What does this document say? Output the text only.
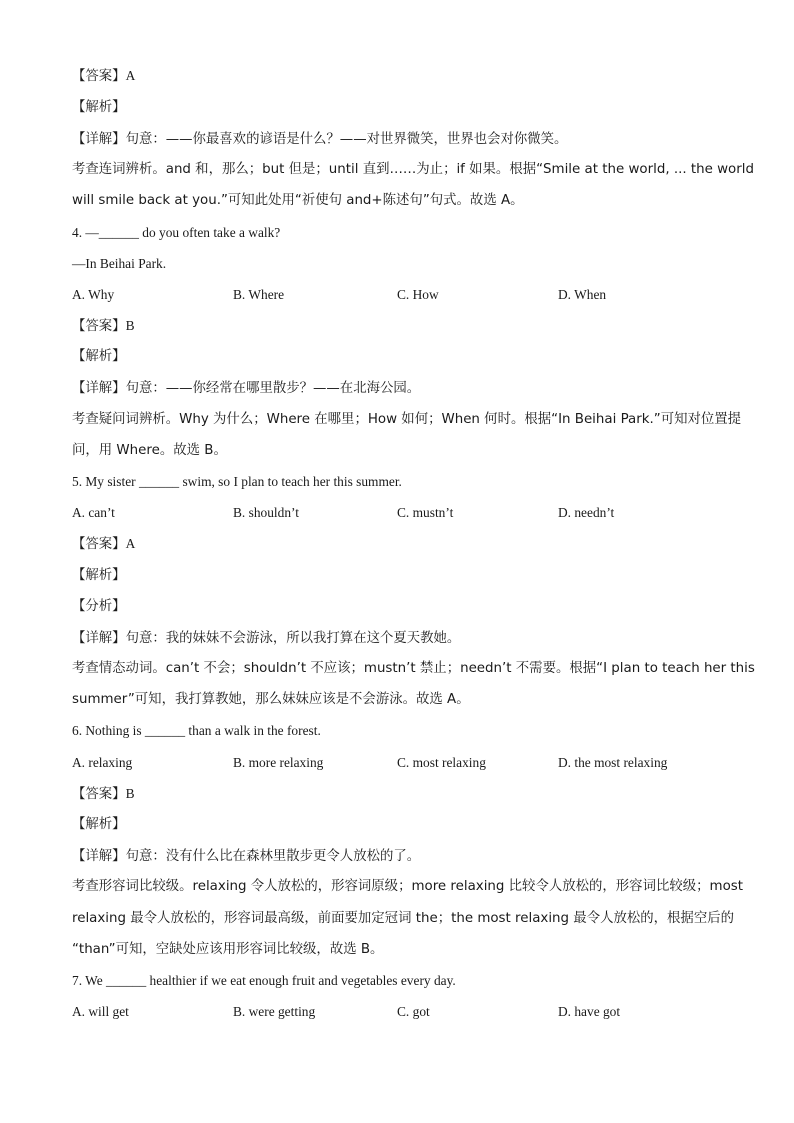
【答案】A
【解析】
【详解】句意：——你最喜欢的谚语是什么？——对世界微笑，世界也会对你微笑。
考查连词辨析。and 和，那么；but 但是；until 直到……为止；if 如果。根据“Smile at the world, ... the world
will smile back at you.”可知此处用“祈使句 and+陈述句”句式。故选 A。
4. —______ do you often take a walk?
—In Beihai Park.
A. Why	B. Where	C. How	D. When
【答案】B
【解析】
【详解】句意：——你经常在哪里散步？——在北海公园。
考查疑问词辨析。Why 为什么；Where 在哪里；How 如何；When 何时。根据“In Beihai Park.”可知对位置提
问，用 Where。故选 B。
5. My sister ______ swim, so I plan to teach her this summer.
A. can’t	B. shouldn’t	C. mustn’t	D. needn’t
【答案】A
【解析】
【分析】
【详解】句意：我的妹妹不会游泳，所以我打算在这个夏天教她。
考查情态动词。can’t 不会；shouldn’t 不应该；mustn’t 禁止；needn’t 不需要。根据“I plan to teach her this
summer”可知，我打算教她，那么妹妹应该是不会游泳。故选 A。
6. Nothing is ______ than a walk in the forest.
A. relaxing	B. more relaxing	C. most relaxing	D. the most relaxing
【答案】B
【解析】
【详解】句意：没有什么比在森林里散步更令人放松的了。
考查形容词比较级。relaxing 令人放松的，形容词原级；more relaxing 比较令人放松的，形容词比较级；most
relaxing 最令人放松的，形容词最高级，前面要加定冠词 the；the most relaxing 最令人放松的，根据空后的
“than”可知，空缺处应该用形容词比较级，故选 B。
7. We ______ healthier if we eat enough fruit and vegetables every day.
A. will get	B. were getting	C. got	D. have got
